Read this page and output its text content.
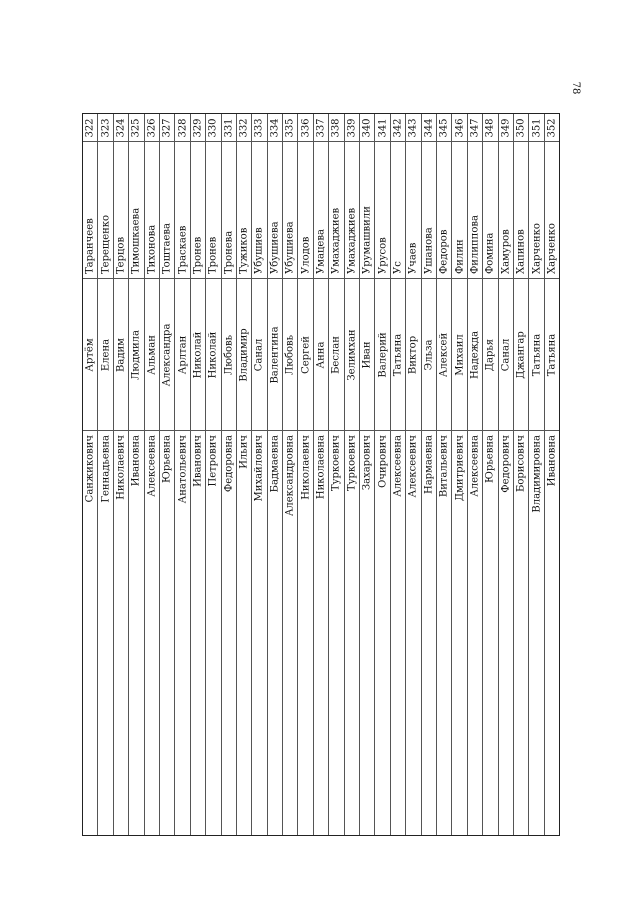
78
322
Таранчеев
Артём
Санжикович
323
Терещенко
Елена
Геннадьевна
324
Терцов
Вадим
Николаевич
325
Тимошкаева
Людмила
Ивановна
326
Тихонова
Альман
Алексеевна
327
Тоштаева
Александра
Юрьевна
328
Траскаев
Арлтан
Анатольевич
329
Тронев
Николай
Иванович
330
Тронев
Николай
Петрович
331
Тронева
Любовь
Федоровна
332
Тужиков
Владимир
Ильич
333
Убушиев
Санал
Михайлович
334
Убушиева
Валентина
Бадмаевна
335
Убушиева
Любовь
Александровна
336
Улодов
Сергей
Николаевич
337
Умацева
Анна
Николаевна
338
Умахаджиев
Беслан
Туркоевич
339
Умахаджиев
Зелимхан
Туркоевич
340
Урумашвили
Иван
Захарович
341
Урусов
Валерий
Очирович
342
Ус
Татьяна
Алексеевна
343
Учаев
Виктор
Алексеевич
344
Ушанова
Эльза
Нармаевна
345
Федоров
Алексей
Витальевич
346
Филин
Михаил
Дмитриевич
347
Филиппова
Надежда
Алексеевна
348
Фомина
Дарья
Юрьевна
349
Хамуров
Санал
Федорович
350
Хапинов
Джангар
Борисович
351
Харченко
Татьяна
Владимировна
352
Харченко
Татьяна
Ивановна
